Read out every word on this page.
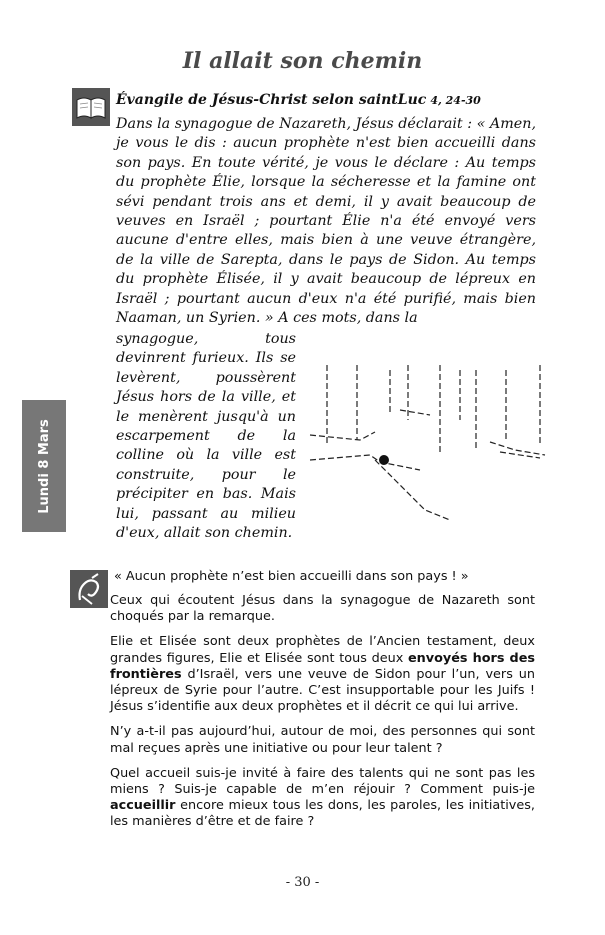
Il allait son chemin
Évangile de Jésus-Christ selon saintLuc 4, 24-30

Dans la synagogue de Nazareth, Jésus déclarait : « Amen, je vous le dis : aucun prophète n'est bien accueilli dans son pays. En toute vérité, je vous le déclare : Au temps du prophète Élie, lorsque la sécheresse et la famine ont sévi pendant trois ans et demi, il y avait beaucoup de veuves en Israël ; pourtant Élie n'a été envoyé vers aucune d'entre elles, mais bien à une veuve étrangère, de la ville de Sarepta, dans le pays de Sidon. Au temps du prophète Élisée, il y avait beaucoup de lépreux en Israël ; pourtant aucun d'eux n'a été purifié, mais bien Naaman, un Syrien. » A ces mots, dans la

synagogue, tous devinrent furieux. Ils se levèrent, poussèrent Jésus hors de la ville, et le menèrent jusqu'à un escarpement de la colline où la ville est construite, pour le précipiter en bas. Mais lui, passant au milieu d'eux, allait son chemin.

Lundi 8 Mars
« Aucun prophète n’est bien accueilli dans son pays ! »

Ceux qui écoutent Jésus dans la synagogue de Nazareth sont choqués par la remarque.

Elie et Elisée sont deux prophètes de l’Ancien testament, deux grandes figures, Elie et Elisée sont tous deux envoyés hors des frontières d’Israël, vers une veuve de Sidon pour l’un, vers un lépreux de Syrie pour l’autre. C’est insupportable pour les Juifs ! Jésus s’identifie aux deux prophètes et il décrit ce qui lui arrive.

N’y a-t-il pas aujourd’hui, autour de moi, des personnes qui sont mal reçues après une initiative ou pour leur talent ?

Quel accueil suis-je invité à faire des talents qui ne sont pas les miens ? Suis-je capable de m’en réjouir ? Comment puis-je accueillir encore mieux tous les dons, les paroles, les initiatives, les manières d’être et de faire ?

- 30 -
